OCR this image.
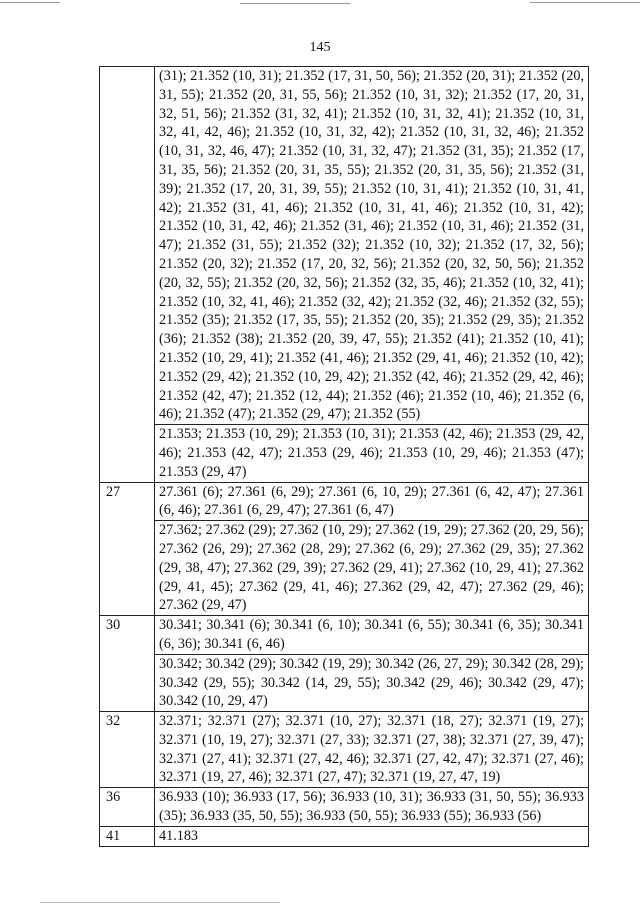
145
	(31); 21.352 (10, 31); 21.352 (17, 31, 50, 56); 21.352 (20, 31); 21.352 (20, 31, 55); 21.352 (20, 31, 55, 56); 21.352 (10, 31, 32); 21.352 (17, 20, 31, 32, 51, 56); 21.352 (31, 32, 41); 21.352 (10, 31, 32, 41); 21.352 (10, 31, 32, 41, 42, 46); 21.352 (10, 31, 32, 42); 21.352 (10, 31, 32, 46); 21.352 (10, 31, 32, 46, 47); 21.352 (10, 31, 32, 47); 21.352 (31, 35); 21.352 (17, 31, 35, 56); 21.352 (20, 31, 35, 55); 21.352 (20, 31, 35, 56); 21.352 (31, 39); 21.352 (17, 20, 31, 39, 55); 21.352 (10, 31, 41); 21.352 (10, 31, 41, 42); 21.352 (31, 41, 46); 21.352 (10, 31, 41, 46); 21.352 (10, 31, 42); 21.352 (10, 31, 42, 46); 21.352 (31, 46); 21.352 (10, 31, 46); 21.352 (31, 47); 21.352 (31, 55); 21.352 (32); 21.352 (10, 32); 21.352 (17, 32, 56); 21.352 (20, 32); 21.352 (17, 20, 32, 56); 21.352 (20, 32, 50, 56); 21.352 (20, 32, 55); 21.352 (20, 32, 56); 21.352 (32, 35, 46); 21.352 (10, 32, 41); 21.352 (10, 32, 41, 46); 21.352 (32, 42); 21.352 (32, 46); 21.352 (32, 55); 21.352 (35); 21.352 (17, 35, 55); 21.352 (20, 35); 21.352 (29, 35); 21.352 (36); 21.352 (38); 21.352 (20, 39, 47, 55); 21.352 (41); 21.352 (10, 41); 21.352 (10, 29, 41); 21.352 (41, 46); 21.352 (29, 41, 46); 21.352 (10, 42); 21.352 (29, 42); 21.352 (10, 29, 42); 21.352 (42, 46); 21.352 (29, 42, 46); 21.352 (42, 47); 21.352 (12, 44); 21.352 (46); 21.352 (10, 46); 21.352 (6, 46); 21.352 (47); 21.352 (29, 47); 21.352 (55)
	21.353; 21.353 (10, 29); 21.353 (10, 31); 21.353 (42, 46); 21.353 (29, 42, 46); 21.353 (42, 47); 21.353 (29, 46); 21.353 (10, 29, 46); 21.353 (47); 21.353 (29, 47)
27	27.361 (6); 27.361 (6, 29); 27.361 (6, 10, 29); 27.361 (6, 42, 47); 27.361 (6, 46); 27.361 (6, 29, 47); 27.361 (6, 47)
	27.362; 27.362 (29); 27.362 (10, 29); 27.362 (19, 29); 27.362 (20, 29, 56); 27.362 (26, 29); 27.362 (28, 29); 27.362 (6, 29); 27.362 (29, 35); 27.362 (29, 38, 47); 27.362 (29, 39); 27.362 (29, 41); 27.362 (10, 29, 41); 27.362 (29, 41, 45); 27.362 (29, 41, 46); 27.362 (29, 42, 47); 27.362 (29, 46); 27.362 (29, 47)
30	30.341; 30.341 (6); 30.341 (6, 10); 30.341 (6, 55); 30.341 (6, 35); 30.341 (6, 36); 30.341 (6, 46)
	30.342; 30.342 (29); 30.342 (19, 29); 30.342 (26, 27, 29); 30.342 (28, 29); 30.342 (29, 55); 30.342 (14, 29, 55); 30.342 (29, 46); 30.342 (29, 47); 30.342 (10, 29, 47)
32	32.371; 32.371 (27); 32.371 (10, 27); 32.371 (18, 27); 32.371 (19, 27); 32.371 (10, 19, 27); 32.371 (27, 33); 32.371 (27, 38); 32.371 (27, 39, 47); 32.371 (27, 41); 32.371 (27, 42, 46); 32.371 (27, 42, 47); 32.371 (27, 46); 32.371 (19, 27, 46); 32.371 (27, 47); 32.371 (19, 27, 47, 19)
36	36.933 (10); 36.933 (17, 56); 36.933 (10, 31); 36.933 (31, 50, 55); 36.933 (35); 36.933 (35, 50, 55); 36.933 (50, 55); 36.933 (55); 36.933 (56)
41	41.183
